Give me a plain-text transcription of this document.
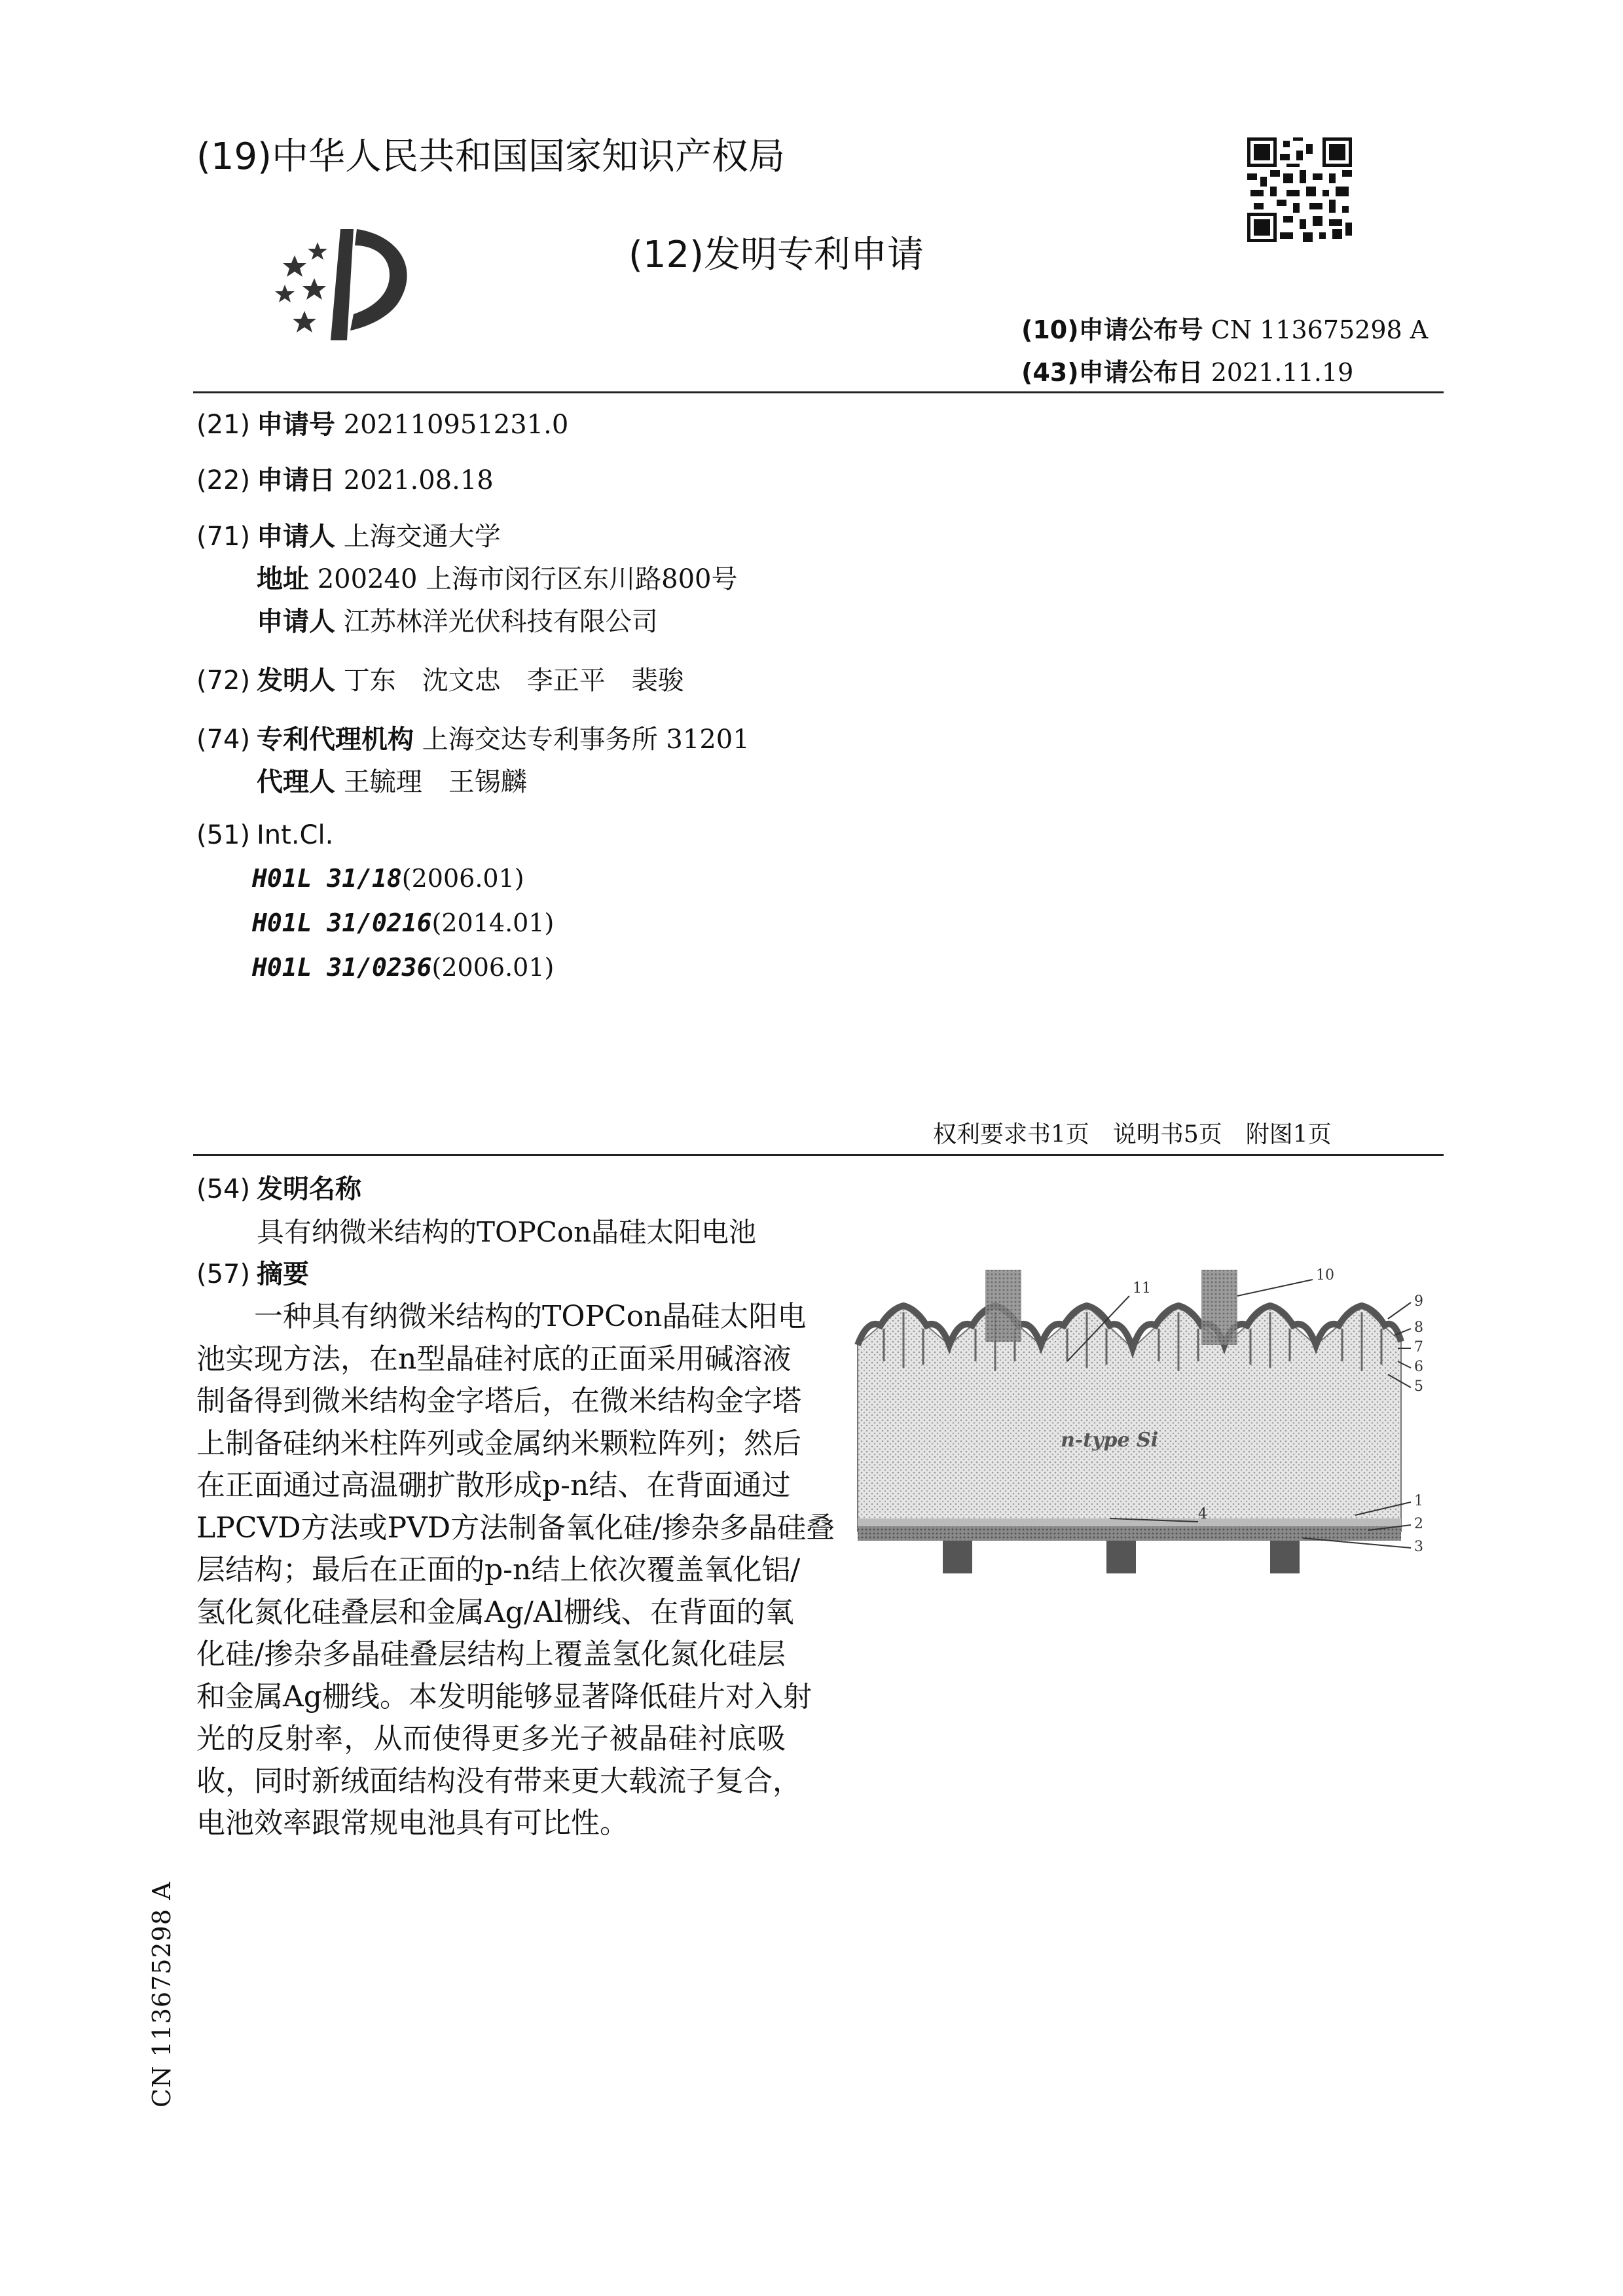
(19)中华人民共和国国家知识产权局
(12)发明专利申请
(10)申请公布号 CN 113675298 A
(43)申请公布日 2021.11.19
(21) 申请号 202110951231.0
(22) 申请日 2021.08.18
(71) 申请人 上海交通大学
地址 200240 上海市闵行区东川路800号
申请人 江苏林洋光伏科技有限公司
(72) 发明人 丁东　沈文忠　李正平　裴骏
(74) 专利代理机构 上海交达专利事务所 31201
代理人 王毓理　王锡麟
(51) Int.Cl.
H01L 31/18(2006.01)
H01L 31/0216(2014.01)
H01L 31/0236(2006.01)
权利要求书1页　说明书5页　附图1页
(54) 发明名称
具有纳微米结构的TOPCon晶硅太阳电池
(57) 摘要
一种具有纳微米结构的TOPCon晶硅太阳电
池实现方法，在n型晶硅衬底的正面采用碱溶液
制备得到微米结构金字塔后，在微米结构金字塔
上制备硅纳米柱阵列或金属纳米颗粒阵列；然后
在正面通过高温硼扩散形成p-n结、在背面通过
LPCVD方法或PVD方法制备氧化硅/掺杂多晶硅叠
层结构；最后在正面的p-n结上依次覆盖氧化铝/
氢化氮化硅叠层和金属Ag/Al栅线、在背面的氧
化硅/掺杂多晶硅叠层结构上覆盖氢化氮化硅层
和金属Ag栅线。本发明能够显著降低硅片对入射
光的反射率，从而使得更多光子被晶硅衬底吸
收，同时新绒面结构没有带来更大载流子复合，
电池效率跟常规电池具有可比性。
11
10
9
8
7
6
5
1
2
3
4
n-type Si
CN 113675298 A
